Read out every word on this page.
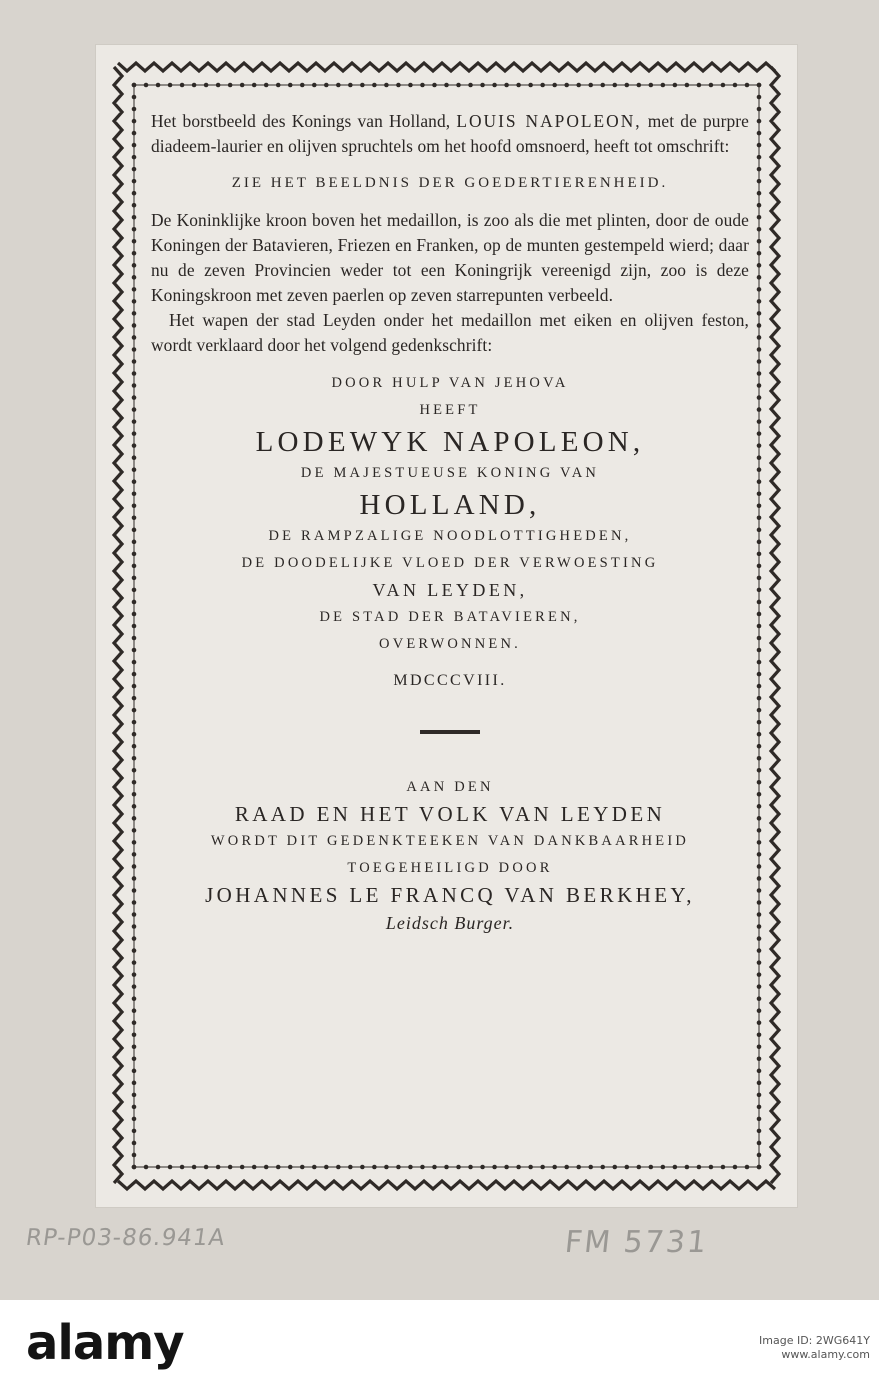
Het borstbeeld des Konings van Holland, LOUIS NAPOLEON, met de purpre diadeem-laurier en olijven spruchtels om het hoofd omsnoerd, heeft tot omschrift:

ZIE HET BEELDNIS DER GOEDERTIERENHEID.

De Koninklijke kroon boven het medaillon, is zoo als die met plinten, door de oude Koningen der Batavieren, Friezen en Franken, op de munten gestempeld wierd; daar nu de zeven Provincien weder tot een Koningrijk vereenigd zijn, zoo is deze Koningskroon met zeven paerlen op zeven starrepunten verbeeld.

Het wapen der stad Leyden onder het medaillon met eiken en olijven feston, wordt verklaard door het volgend gedenkschrift:

DOOR HULP VAN JEHOVA

HEEFT

LODEWYK NAPOLEON,

DE MAJESTUEUSE KONING VAN

HOLLAND,

DE RAMPZALIGE NOODLOTTIGHEDEN,

DE DOODELIJKE VLOED DER VERWOESTING

VAN LEYDEN,

DE STAD DER BATAVIEREN,

OVERWONNEN.

MDCCCVIII.

AAN DEN

RAAD EN HET VOLK VAN LEYDEN

WORDT DIT GEDENKTEEKEN VAN DANKBAARHEID

TOEGEHEILIGD DOOR

JOHANNES LE FRANCQ VAN BERKHEY,

Leidsch Burger.

RP-P03-86.941A	FM 5731
alamy	Image ID: 2WG641Y
www.alamy.com
